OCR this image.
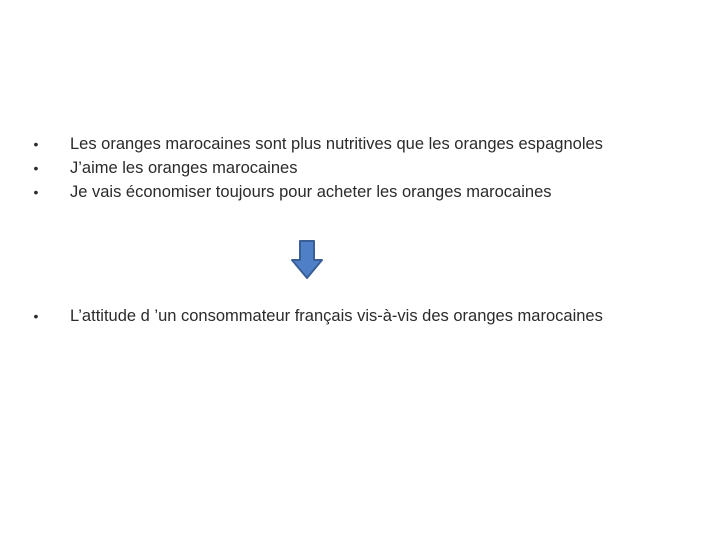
• Les oranges marocaines sont plus nutritives que les oranges espagnoles
• J’aime les oranges marocaines
• Je vais économiser toujours pour acheter les oranges marocaines
• L’attitude d ’un consommateur français vis-à-vis des oranges marocaines
